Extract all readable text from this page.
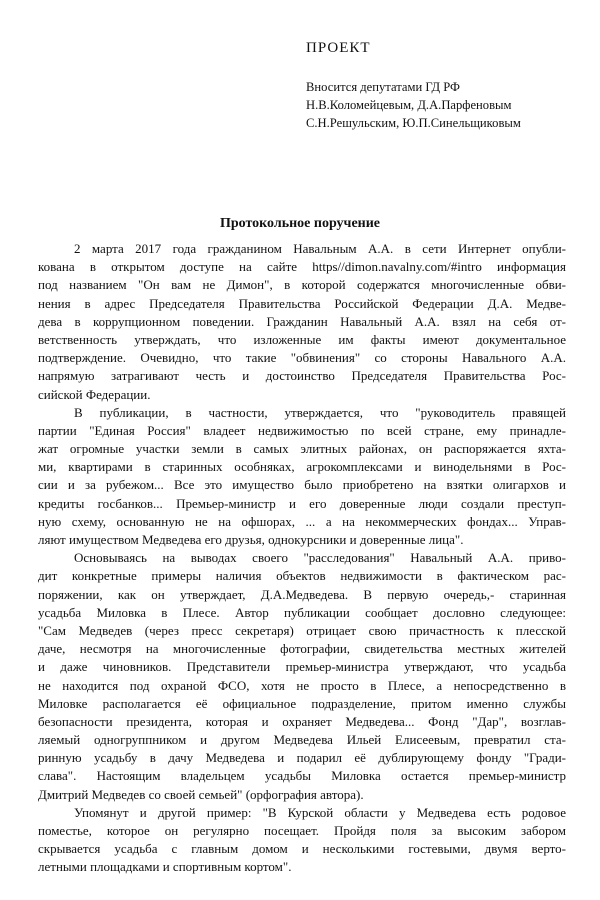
ПРОЕКТ
Вносится депутатами ГД РФ
Н.В.Коломейцевым, Д.А.Парфеновым
С.Н.Решульским, Ю.П.Синельщиковым
Протокольное поручение
2 марта 2017 года гражданином Навальным А.А. в сети Интернет опубли-
кована в открытом доступе на сайте https//dimon.navalny.com/#intro информация
под названием "Он вам не Димон", в которой содержатся многочисленные обви-
нения в адрес Председателя Правительства Российской Федерации Д.А. Медве-
дева в коррупционном поведении. Гражданин Навальный А.А. взял на себя от-
ветственность утверждать, что изложенные им факты имеют документальное
подтверждение. Очевидно, что такие "обвинения" со стороны Навального А.А.
напрямую затрагивают честь и достоинство Председателя Правительства Рос-
сийской Федерации.
В публикации, в частности, утверждается, что "руководитель правящей
партии "Единая Россия" владеет недвижимостью по всей стране, ему принадле-
жат огромные участки земли в самых элитных районах, он распоряжается яхта-
ми, квартирами в старинных особняках, агрокомплексами и винодельнями в Рос-
сии и за рубежом... Все это имущество было приобретено на взятки олигархов и
кредиты госбанков... Премьер-министр и его доверенные люди создали преступ-
ную схему, основанную не на офшорах, ... а на некоммерческих фондах... Управ-
ляют имуществом Медведева его друзья, однокурсники и доверенные лица".
Основываясь на выводах своего "расследования" Навальный А.А. приво-
дит конкретные примеры наличия объектов недвижимости в фактическом рас-
поряжении, как он утверждает, Д.А.Медведева. В первую очередь,- старинная
усадьба Миловка в Плесе. Автор публикации сообщает дословно следующее:
"Сам Медведев (через пресс секретаря) отрицает свою причастность к плесской
даче, несмотря на многочисленные фотографии, свидетельства местных жителей
и даже чиновников. Представители премьер-министра утверждают, что усадьба
не находится под охраной ФСО, хотя не просто в Плесе, а непосредственно в
Миловке располагается её официальное подразделение, притом именно службы
безопасности президента, которая и охраняет Медведева... Фонд "Дар", возглав-
ляемый одногруппником и другом Медведева Ильей Елисеевым, превратил ста-
ринную усадьбу в дачу Медведева и подарил её дублирующему фонду "Гради-
слава". Настоящим владельцем усадьбы Миловка остается премьер-министр
Дмитрий Медведев со своей семьей" (орфография автора).
Упомянут и другой пример: "В Курской области у Медведева есть родовое
поместье, которое он регулярно посещает. Пройдя поля за высоким забором
скрывается усадьба с главным домом и несколькими гостевыми, двумя верто-
летными площадками и спортивным кортом".
